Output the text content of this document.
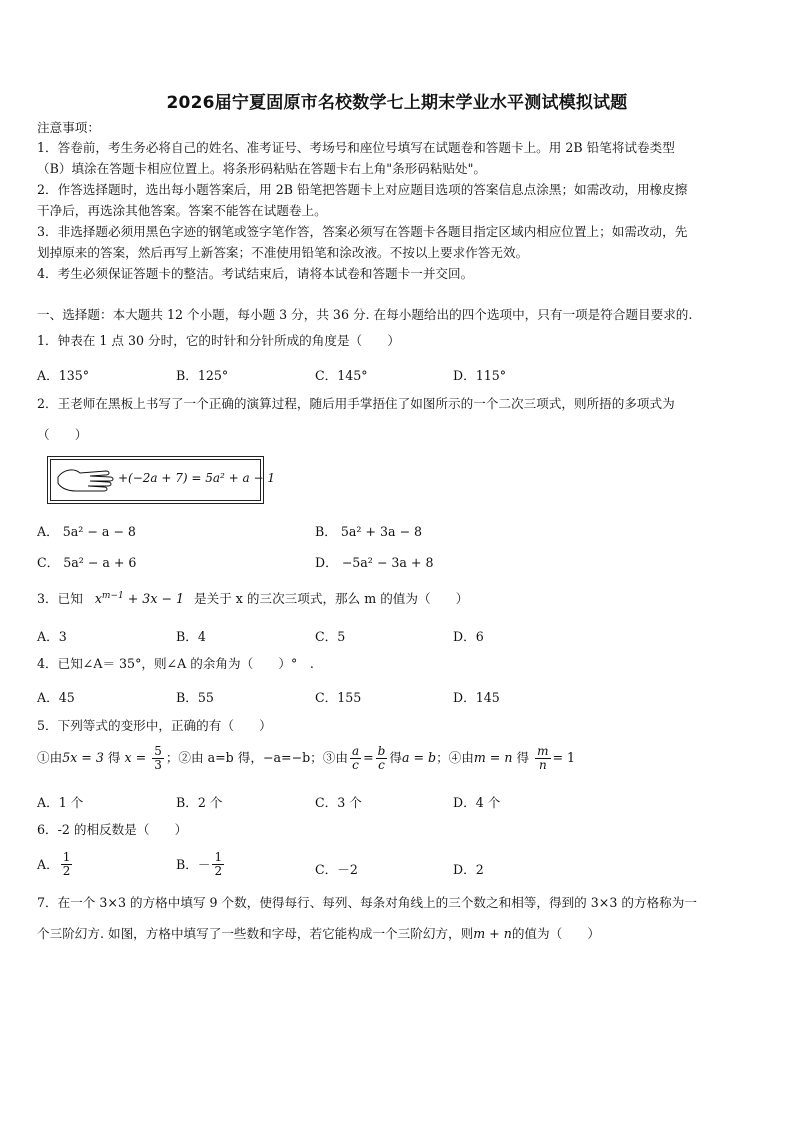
2026届宁夏固原市名校数学七上期末学业水平测试模拟试题
注意事项：
1．答卷前，考生务必将自己的姓名、准考证号、考场号和座位号填写在试题卷和答题卡上。用 2B 铅笔将试卷类型
（B）填涂在答题卡相应位置上。将条形码粘贴在答题卡右上角"条形码粘贴处"。
2．作答选择题时，选出每小题答案后，用 2B 铅笔把答题卡上对应题目选项的答案信息点涂黑；如需改动，用橡皮擦
干净后，再选涂其他答案。答案不能答在试题卷上。
3．非选择题必须用黑色字迹的钢笔或签字笔作答，答案必须写在答题卡各题目指定区域内相应位置上；如需改动，先
划掉原来的答案，然后再写上新答案；不准使用铅笔和涂改液。不按以上要求作答无效。
4．考生必须保证答题卡的整洁。考试结束后，请将本试卷和答题卡一并交回。
一、选择题：本大题共 12 个小题，每小题 3 分，共 36 分. 在每小题给出的四个选项中，只有一项是符合题目要求的.
1．钟表在 1 点 30 分时，它的时针和分针所成的角度是（　　）
A．135°	B．125°	C．145°	D．115°
2．王老师在黑板上书写了一个正确的演算过程，随后用手掌捂住了如图所示的一个二次三项式，则所捂的多项式为
（　　）
+(−2a + 7) = 5a² + a − 1
A． 5a² − a − 8	B． 5a² + 3a − 8
C． 5a² − a + 6	D． −5a² − 3a + 8
3．已知 $x^{m-1} + 3x - 1$ 是关于 x 的三次三项式，那么 m 的值为（　　）
A．3	B．4	C．5	D．6
4．已知∠A＝ 35°，则∠A 的余角为（　　）°　.
A．45	B．55	C．155	D．145
5．下列等式的变形中，正确的有（　　）
①由5x = 3 得 $x = \frac{5}{3}$ ；②由 a=b 得，−a=−b；③由 $\frac{a}{c} = \frac{b}{c}$ 得a = b；④由m = n 得 $\frac{m}{n} = 1$
A．1 个	B．2 个	C．3 个	D．4 个
6．-2 的相反数是（　　）
A． $\frac{1}{2}$	B．－ $\frac{1}{2}$	C．－2	D．2
7．在一个 3×3 的方格中填写 9 个数，使得每行、每列、每条对角线上的三个数之和相等，得到的 3×3 的方格称为一
个三阶幻方. 如图，方格中填写了一些数和字母，若它能构成一个三阶幻方，则m + n的值为（　　）
